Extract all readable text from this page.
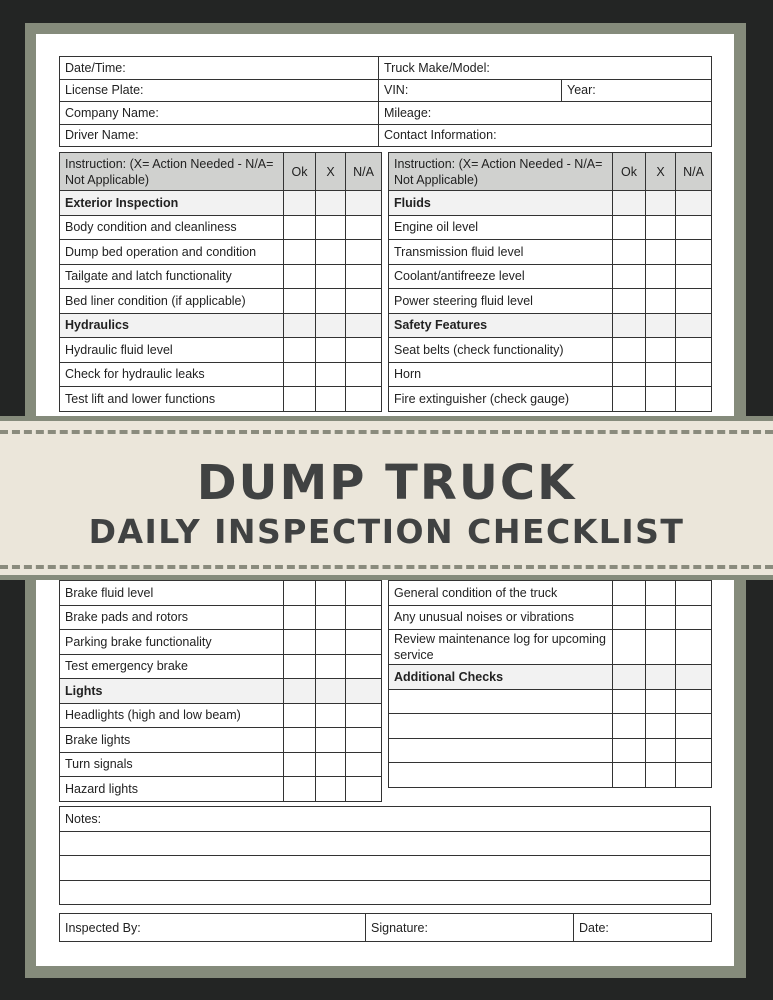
Date/Time:	Truck Make/Model:	
License Plate:	VIN:	Year:
Company Name:	Mileage:	
Driver Name:	Contact Information:	
Instruction: (X= Action Needed - N/A= Not Applicable)	Ok	X	N/A
Exterior Inspection			
Body condition and cleanliness			
Dump bed operation and condition			
Tailgate and latch functionality			
Bed liner condition (if applicable)			
Hydraulics			
Hydraulic fluid level			
Check for hydraulic leaks			
Test lift and lower functions			
Instruction: (X= Action Needed - N/A= Not Applicable)	Ok	X	N/A
Fluids			
Engine oil level			
Transmission fluid level			
Coolant/antifreeze level			
Power steering fluid level			
Safety Features			
Seat belts (check functionality)			
Horn			
Fire extinguisher (check gauge)			
Brake fluid level			
Brake pads and rotors			
Parking brake functionality			
Test emergency brake			
Lights			
Headlights (high and low beam)			
Brake lights			
Turn signals			
Hazard lights			
General condition of the truck			
Any unusual noises or vibrations			
Review maintenance log for upcoming service			
Additional Checks			

DUMP TRUCK
DAILY INSPECTION CHECKLIST
Notes:

Inspected By:	Signature:	Date:
